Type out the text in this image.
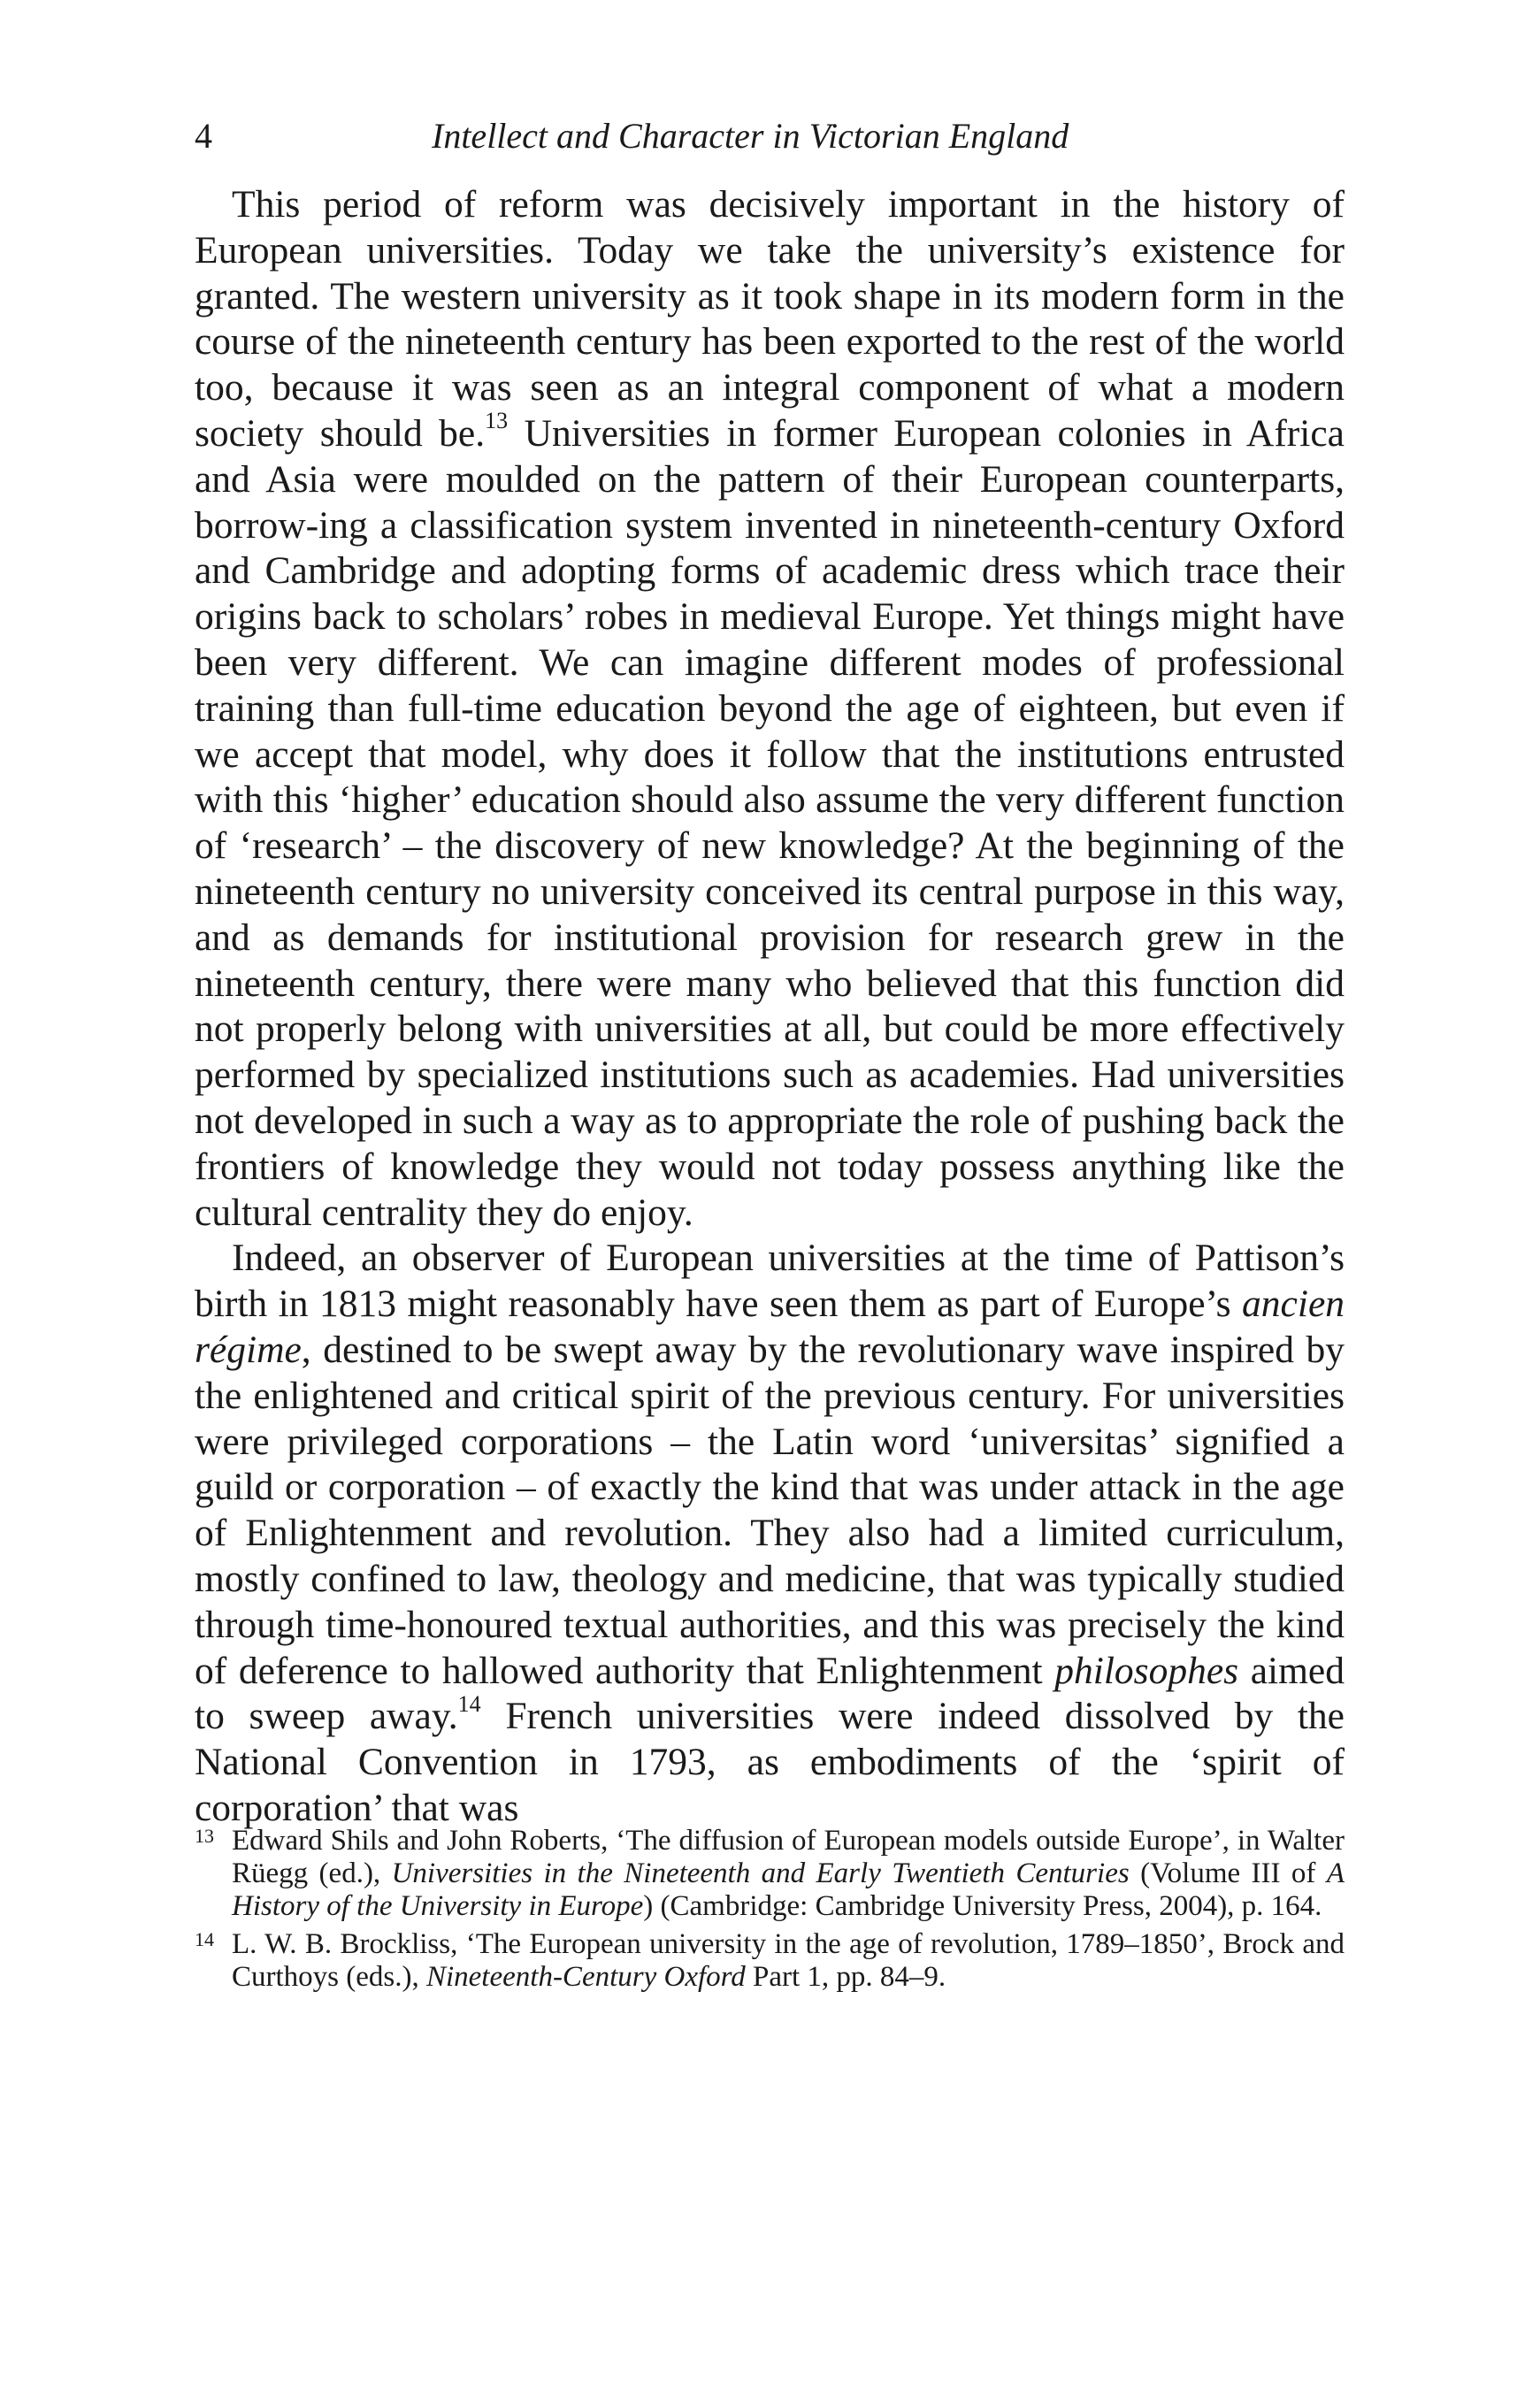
4	Intellect and Character in Victorian England

This period of reform was decisively important in the history of European universities. Today we take the university’s existence for granted. The western university as it took shape in its modern form in the course of the nineteenth century has been exported to the rest of the world too, because it was seen as an integral component of what a modern society should be.$^{13}$ Universities in former European colonies in Africa and Asia were moulded on the pattern of their European counterparts, borrow-ing a classification system invented in nineteenth-century Oxford and Cambridge and adopting forms of academic dress which trace their origins back to scholars’ robes in medieval Europe. Yet things might have been very different. We can imagine different modes of professional training than full-time education beyond the age of eighteen, but even if we accept that model, why does it follow that the institutions entrusted with this ‘higher’ education should also assume the very different function of ‘research’ – the discovery of new knowledge? At the beginning of the nineteenth century no university conceived its central purpose in this way, and as demands for institutional provision for research grew in the nineteenth century, there were many who believed that this function did not properly belong with universities at all, but could be more effectively performed by specialized institutions such as academies. Had universities not developed in such a way as to appropriate the role of pushing back the frontiers of knowledge they would not today possess anything like the cultural centrality they do enjoy.

Indeed, an observer of European universities at the time of Pattison’s birth in 1813 might reasonably have seen them as part of Europe’s ancien régime, destined to be swept away by the revolutionary wave inspired by the enlightened and critical spirit of the previous century. For universities were privileged corporations – the Latin word ‘universitas’ signified a guild or corporation – of exactly the kind that was under attack in the age of Enlightenment and revolution. They also had a limited curriculum, mostly confined to law, theology and medicine, that was typically studied through time-honoured textual authorities, and this was precisely the kind of deference to hallowed authority that Enlightenment philosophes aimed to sweep away.$^{14}$ French universities were indeed dissolved by the National Convention in 1793, as embodiments of the ‘spirit of corporation’ that was

13 Edward Shils and John Roberts, ‘The diffusion of European models outside Europe’, in Walter Rüegg (ed.), Universities in the Nineteenth and Early Twentieth Centuries (Volume III of A History of the University in Europe) (Cambridge: Cambridge University Press, 2004), p. 164.

14 L. W. B. Brockliss, ‘The European university in the age of revolution, 1789–1850’, Brock and Curthoys (eds.), Nineteenth-Century Oxford Part 1, pp. 84–9.
